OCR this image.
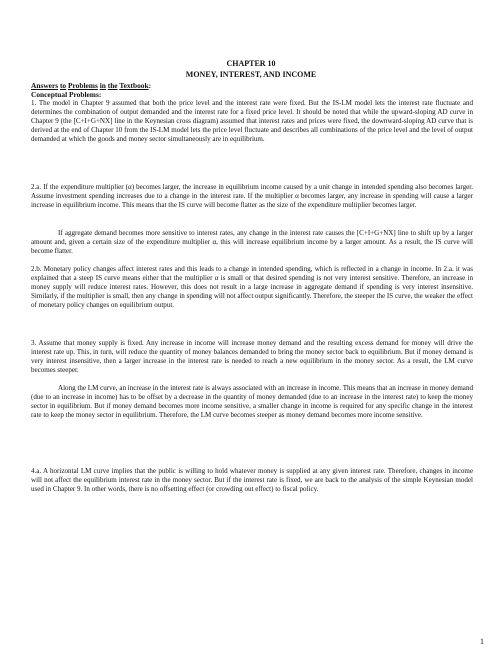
CHAPTER 10
MONEY, INTEREST, AND INCOME
Answers to Problems in the Textbook:
Conceptual Problems:
1. The model in Chapter 9 assumed that both the price level and the interest rate were fixed. But the IS-LM model lets the interest rate fluctuate and determines the combination of output demanded and the interest rate for a fixed price level. It should be noted that while the upward-sloping AD curve in Chapter 9 (the [C+I+G+NX] line in the Keynesian cross diagram) assumed that interest rates and prices were fixed, the downward-sloping AD curve that is derived at the end of Chapter 10 from the IS-LM model lets the price level fluctuate and describes all combinations of the price level and the level of output demanded at which the goods and money sector simultaneously are in equilibrium.
2.a. If the expenditure multiplier (α) becomes larger, the increase in equilibrium income caused by a unit change in intended spending also becomes larger. Assume investment spending increases due to a change in the interest rate. If the multiplier α becomes larger, any increase in spending will cause a larger increase in equilibrium income. This means that the IS curve will become flatter as the size of the expenditure multiplier becomes larger.
If aggregate demand becomes more sensitive to interest rates, any change in the interest rate causes the [C+I+G+NX] line to shift up by a larger amount and, given a certain size of the expenditure multiplier α, this will increase equilibrium income by a larger amount. As a result, the IS curve will become flatter.
2.b. Monetary policy changes affect interest rates and this leads to a change in intended spending, which is reflected in a change in income. In 2.a. it was explained that a steep IS curve means either that the multiplier α is small or that desired spending is not very interest sensitive. Therefore, an increase in money supply will reduce interest rates. However, this does not result in a large increase in aggregate demand if spending is very interest insensitive. Similarly, if the multiplier is small, then any change in spending will not affect output significantly. Therefore, the steeper the IS curve, the weaker the effect of monetary policy changes on equilibrium output.
3. Assume that money supply is fixed. Any increase in income will increase money demand and the resulting excess demand for money will drive the interest rate up. This, in turn, will reduce the quantity of money balances demanded to bring the money sector back to equilibrium. But if money demand is very interest insensitive, then a larger increase in the interest rate is needed to reach a new equilibrium in the money sector. As a result, the LM curve becomes steeper.
Along the LM curve, an increase in the interest rate is always associated with an increase in income. This means that an increase in money demand (due to an increase in income) has to be offset by a decrease in the quantity of money demanded (due to an increase in the interest rate) to keep the money sector in equilibrium. But if money demand becomes more income sensitive, a smaller change in income is required for any specific change in the interest rate to keep the money sector in equilibrium. Therefore, the LM curve becomes steeper as money demand becomes more income sensitive.
4.a. A horizontal LM curve implies that the public is willing to hold whatever money is supplied at any given interest rate. Therefore, changes in income will not affect the equilibrium interest rate in the money sector. But if the interest rate is fixed, we are back to the analysis of the simple Keynesian model used in Chapter 9. In other words, there is no offsetting effect (or crowding out effect) to fiscal policy.
1
